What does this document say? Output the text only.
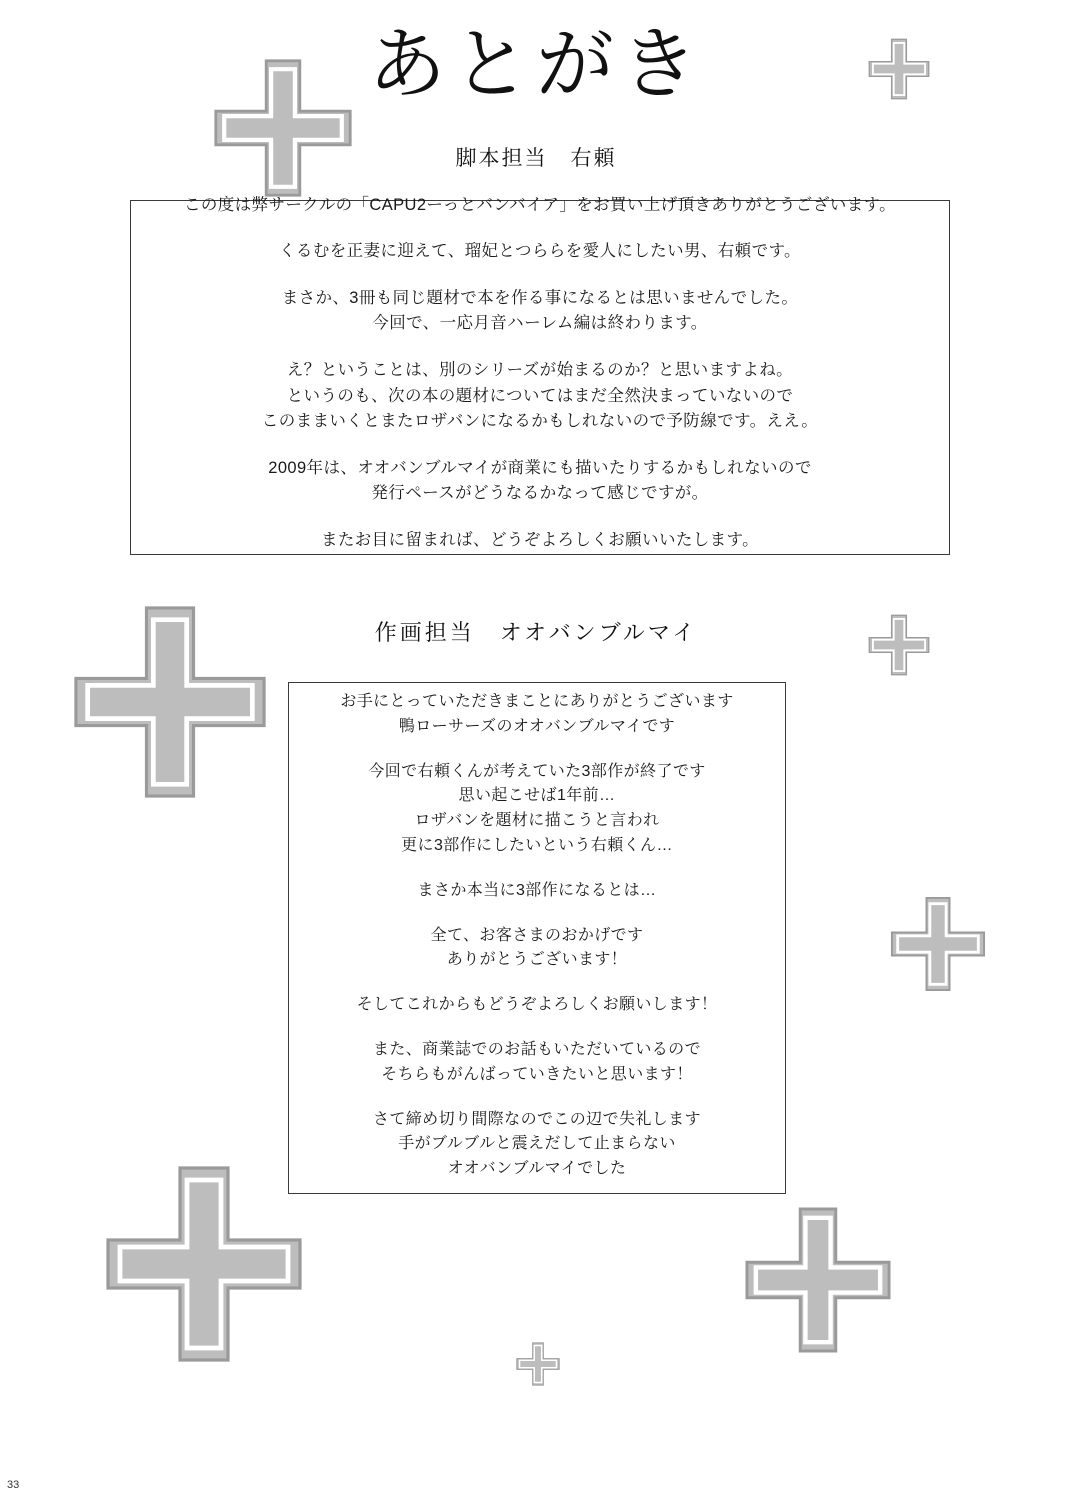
あとがき
脚本担当　右頼

この度は弊サークルの「CAPU2ーっとバンバイア」をお買い上げ頂きありがとうございます。

くるむを正妻に迎えて、瑠妃とつららを愛人にしたい男、右頼です。

まさか、3冊も同じ題材で本を作る事になるとは思いませんでした。
今回で、一応月音ハーレム編は終わります。

え？ということは、別のシリーズが始まるのか？と思いますよね。
というのも、次の本の題材についてはまだ全然決まっていないので
このままいくとまたロザバンになるかもしれないので予防線です。ええ。

2009年は、オオバンブルマイが商業にも描いたりするかもしれないので
発行ペースがどうなるかなって感じですが。

またお目に留まれば、どうぞよろしくお願いいたします。

作画担当　オオバンブルマイ

お手にとっていただきまことにありがとうございます
鴨ローサーズのオオバンブルマイです

今回で右頼くんが考えていた3部作が終了です
思い起こせば1年前…
ロザバンを題材に描こうと言われ
更に3部作にしたいという右頼くん…

まさか本当に3部作になるとは…

全て、お客さまのおかげです
ありがとうございます！

そしてこれからもどうぞよろしくお願いします！

また、商業誌でのお話もいただいているので
そちらもがんばっていきたいと思います！

さて締め切り間際なのでこの辺で失礼します
手がブルブルと震えだして止まらない
オオバンブルマイでした

33
